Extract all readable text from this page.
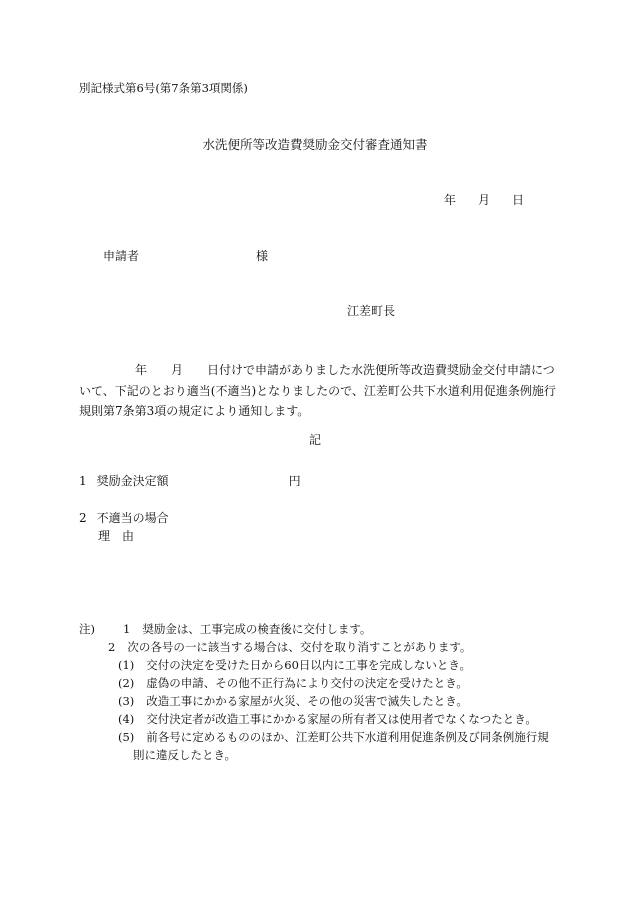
別記様式第6号(第7条第3項関係)
水洗便所等改造費奨励金交付審査通知書
年 月 日
申請者	様
江差町長
年　　月　　日付けで申請がありました水洗便所等改造費奨励金交付申請につ
いて、下記のとおり適当(不適当)となりましたので、江差町公共下水道利用促進条例施行
規則第7条第3項の規定により通知します。
記
1 奨励金決定額	円
2 不適当の場合
理　由
注) 1 奨励金は、工事完成の検査後に交付します。
2 次の各号の一に該当する場合は、交付を取り消すことがあります。
(1) 交付の決定を受けた日から60日以内に工事を完成しないとき。
(2) 虚偽の申請、その他不正行為により交付の決定を受けたとき。
(3) 改造工事にかかる家屋が火災、その他の災害で滅失したとき。
(4) 交付決定者が改造工事にかかる家屋の所有者又は使用者でなくなつたとき。
(5) 前各号に定めるもののほか、江差町公共下水道利用促進条例及び同条例施行規
則に違反したとき。
